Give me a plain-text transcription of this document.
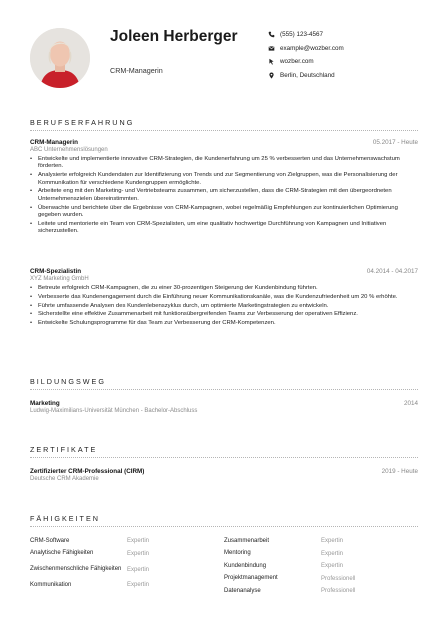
Joleen Herberger
CRM-Managerin
(555) 123-4567
example@wozber.com
wozber.com
Berlin, Deutschland
BERUFSERFAHRUNG
CRM-Managerin	05.2017 - Heute
ABC Unternehmenslösungen
• Entwickelte und implementierte innovative CRM-Strategien, die Kundenerfahrung um 25 % verbesserten und das Unternehmenswachstum förderten.
• Analysierte erfolgreich Kundendaten zur Identifizierung von Trends und zur Segmentierung von Zielgruppen, was die Personalisierung der Kommunikation für verschiedene Kundengruppen ermöglichte.
• Arbeitete eng mit den Marketing- und Vertriebsteams zusammen, um sicherzustellen, dass die CRM-Strategien mit den übergeordneten Unternehmenszielen übereinstimmten.
• Überwachte und berichtete über die Ergebnisse von CRM-Kampagnen, wobei regelmäßig Empfehlungen zur kontinuierlichen Optimierung gegeben wurden.
• Leitete und mentorierte ein Team von CRM-Spezialisten, um eine qualitativ hochwertige Durchführung von Kampagnen und Initiativen sicherzustellen.
CRM-Spezialistin	04.2014 - 04.2017
XYZ Marketing GmbH
• Betreute erfolgreich CRM-Kampagnen, die zu einer 30-prozentigen Steigerung der Kundenbindung führten.
• Verbesserte das Kundenengagement durch die Einführung neuer Kommunikationskanäle, was die Kundenzufriedenheit um 20 % erhöhte.
• Führte umfassende Analysen des Kundenlebenszyklus durch, um optimierte Marketingstrategien zu entwickeln.
• Sicherstellte eine effektive Zusammenarbeit mit funktionsübergreifenden Teams zur Verbesserung der operativen Effizienz.
• Entwickelte Schulungsprogramme für das Team zur Verbesserung der CRM-Kompetenzen.
BILDUNGSWEG
Marketing	2014
Ludwig-Maximilians-Universität München - Bachelor-Abschluss
ZERTIFIKATE
Zertifizierter CRM-Professional (CIRM)	2019 - Heute
Deutsche CRM Akademie
FÄHIGKEITEN
CRM-Software	Expertin
Analytische Fähigkeiten	Expertin
Zwischenmenschliche Fähigkeiten Expertin
Kommunikation	Expertin
Zusammenarbeit	Expertin
Mentoring	Expertin
Kundenbindung	Expertin
Projektmanagement	Professionell
Datenanalyse	Professionell
